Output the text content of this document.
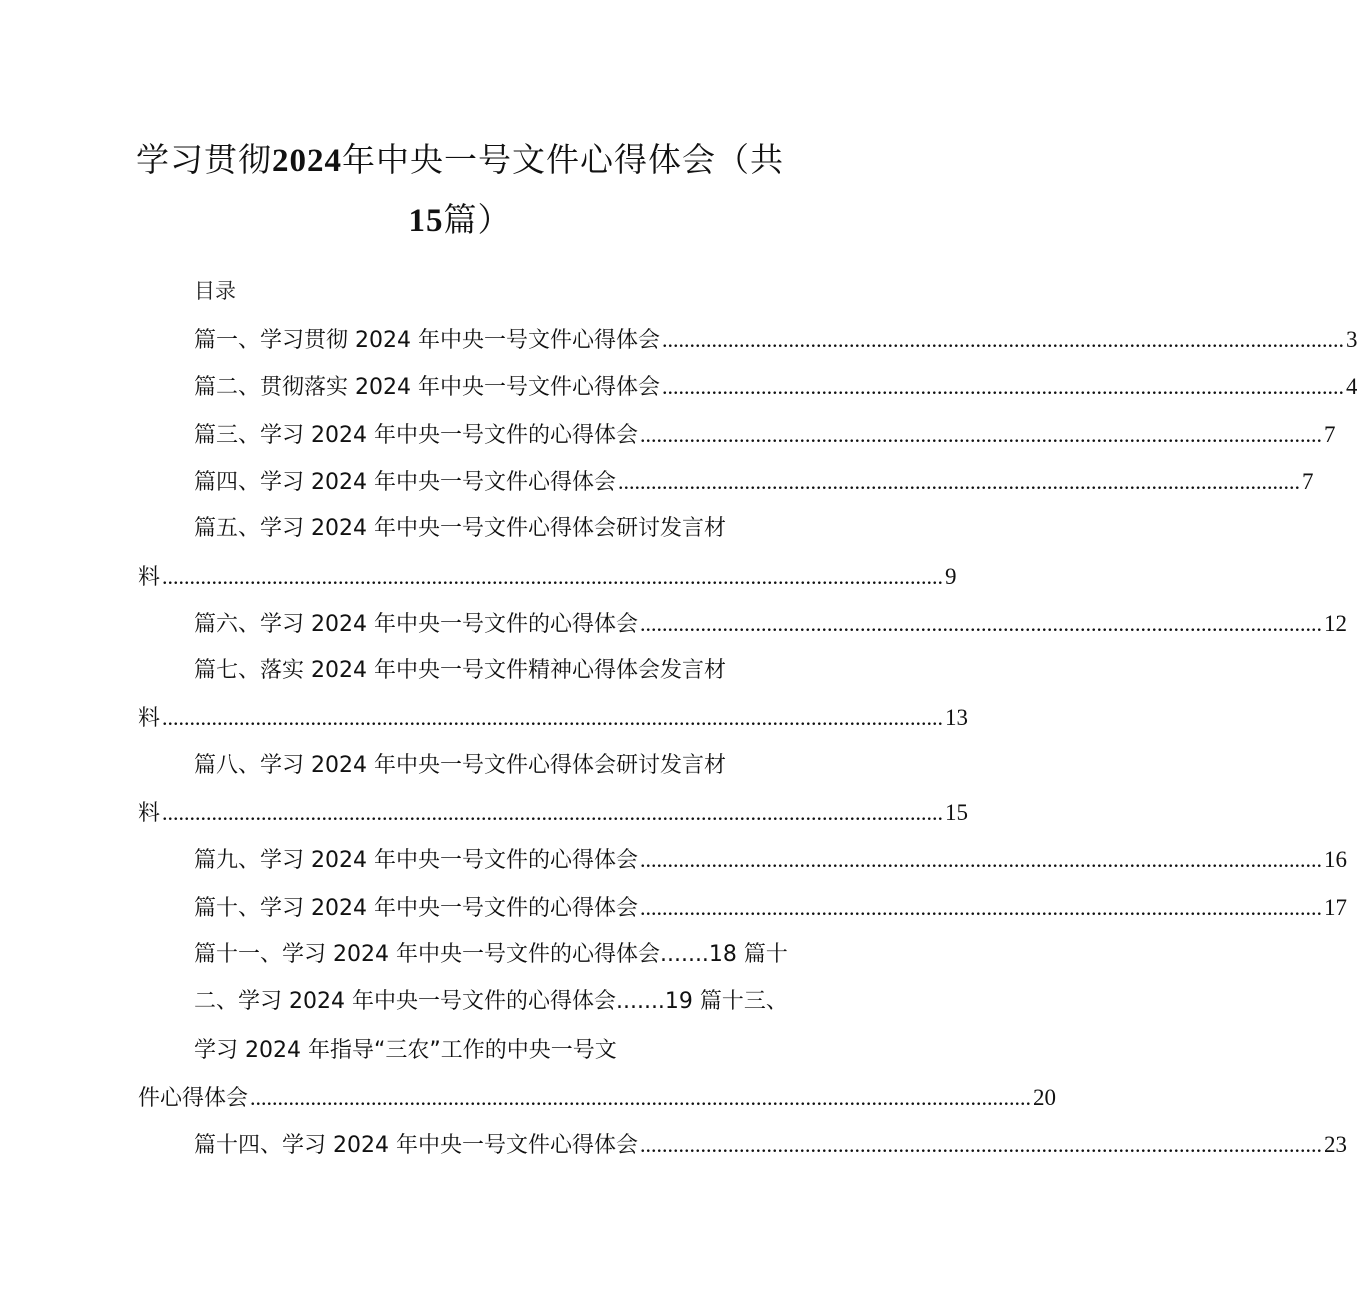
学习贯彻2024年中央一号文件心得体会（共
15篇）
目录
篇一、学习贯彻 2024 年中央一号文件心得体会 ............................................................................................................................ 3
篇二、贯彻落实 2024 年中央一号文件心得体会 ............................................................................................................................ 4
篇三、学习 2024 年中央一号文件的心得体会 ............................................................................................................................ 7
篇四、学习 2024 年中央一号文件心得体会 ............................................................................................................................ 7
篇五、学习 2024 年中央一号文件心得体会研讨发言材
料 .............................................................................................................................................. 9
篇六、学习 2024 年中央一号文件的心得体会 ............................................................................................................................ 12
篇七、落实 2024 年中央一号文件精神心得体会发言材
料 .............................................................................................................................................. 13
篇八、学习 2024 年中央一号文件心得体会研讨发言材
料 .............................................................................................................................................. 15
篇九、学习 2024 年中央一号文件的心得体会 ............................................................................................................................ 16
篇十、学习 2024 年中央一号文件的心得体会 ............................................................................................................................ 17
篇十一、学习 2024 年中央一号文件的心得体会.......18 篇十
二、学习 2024 年中央一号文件的心得体会.......19 篇十三、
学习 2024 年指导“三农”工作的中央一号文
件心得体会 .............................................................................................................................................. 20
篇十四、学习 2024 年中央一号文件心得体会 ............................................................................................................................ 23
